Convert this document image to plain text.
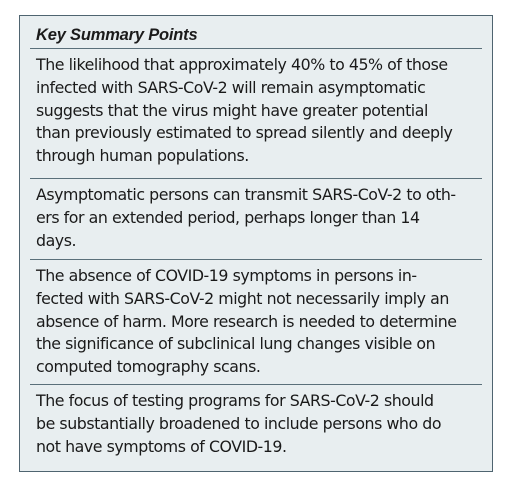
Key Summary Points

The likelihood that approximately 40% to 45% of those
infected with SARS-CoV-2 will remain asymptomatic
suggests that the virus might have greater potential
than previously estimated to spread silently and deeply
through human populations.

Asymptomatic persons can transmit SARS-CoV-2 to oth-
ers for an extended period, perhaps longer than 14
days.

The absence of COVID-19 symptoms in persons in-
fected with SARS-CoV-2 might not necessarily imply an
absence of harm. More research is needed to determine
the significance of subclinical lung changes visible on
computed tomography scans.

The focus of testing programs for SARS-CoV-2 should
be substantially broadened to include persons who do
not have symptoms of COVID-19.
